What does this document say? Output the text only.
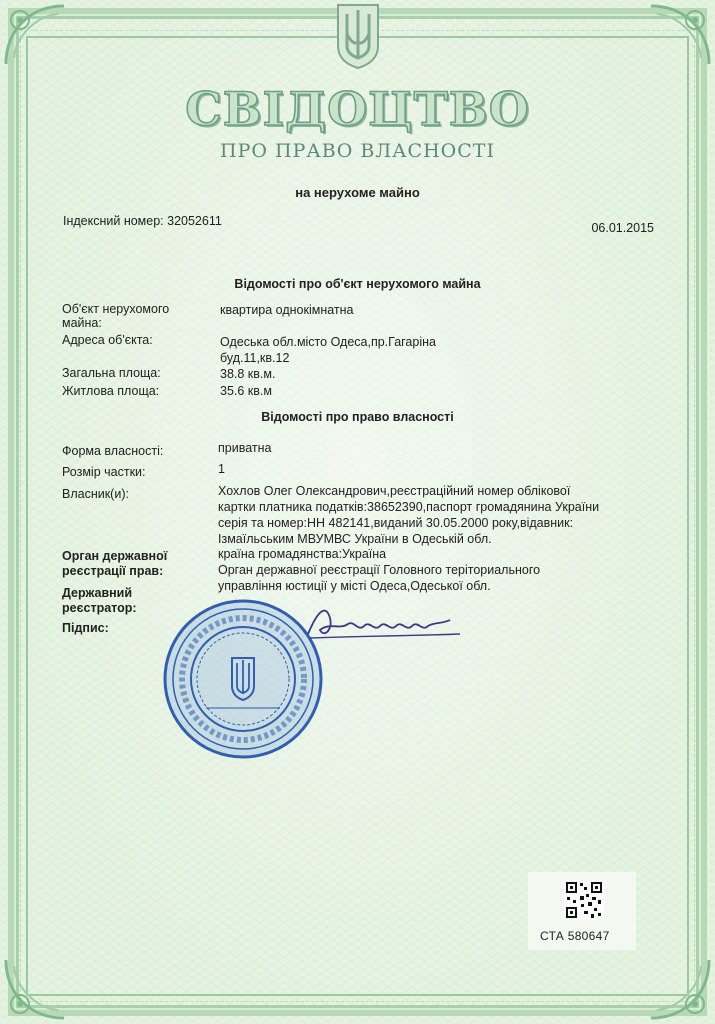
СВІДОЦТВО
ПРО ПРАВО ВЛАСНОСТІ
на нерухоме майно
Індексний номер: 32052611	06.01.2015
Відомості про об'єкт нерухомого майна
Об'єкт нерухомого
майна:
квартира однокімнатна
Адреса об'єкта:	Одеська обл.місто Одеса,пр.Гагаріна
буд.11,кв.12
Загальна площа:	38.8 кв.м.
Житлова площа:	35.6 кв.м
Відомості про право власності
Форма власності:	приватна
Розмір частки:	1
Власник(и):	Хохлов Олег Олександрович,реєстраційний номер облікової
картки платника податків:38652390,паспорт громадянина України
серія та номер:НН 482141,виданий 30.05.2000 року,відавник:
Ізмаїльським МВУМВС України в Одеській обл.
країна громадянства:Україна
Орган державної
реєстрації прав:	Орган державної реєстрації Головного теріториального
управління юстиції у місті Одеса,Одеської обл.
Державний
реєстратор:
Підпис:
СТА 580647
